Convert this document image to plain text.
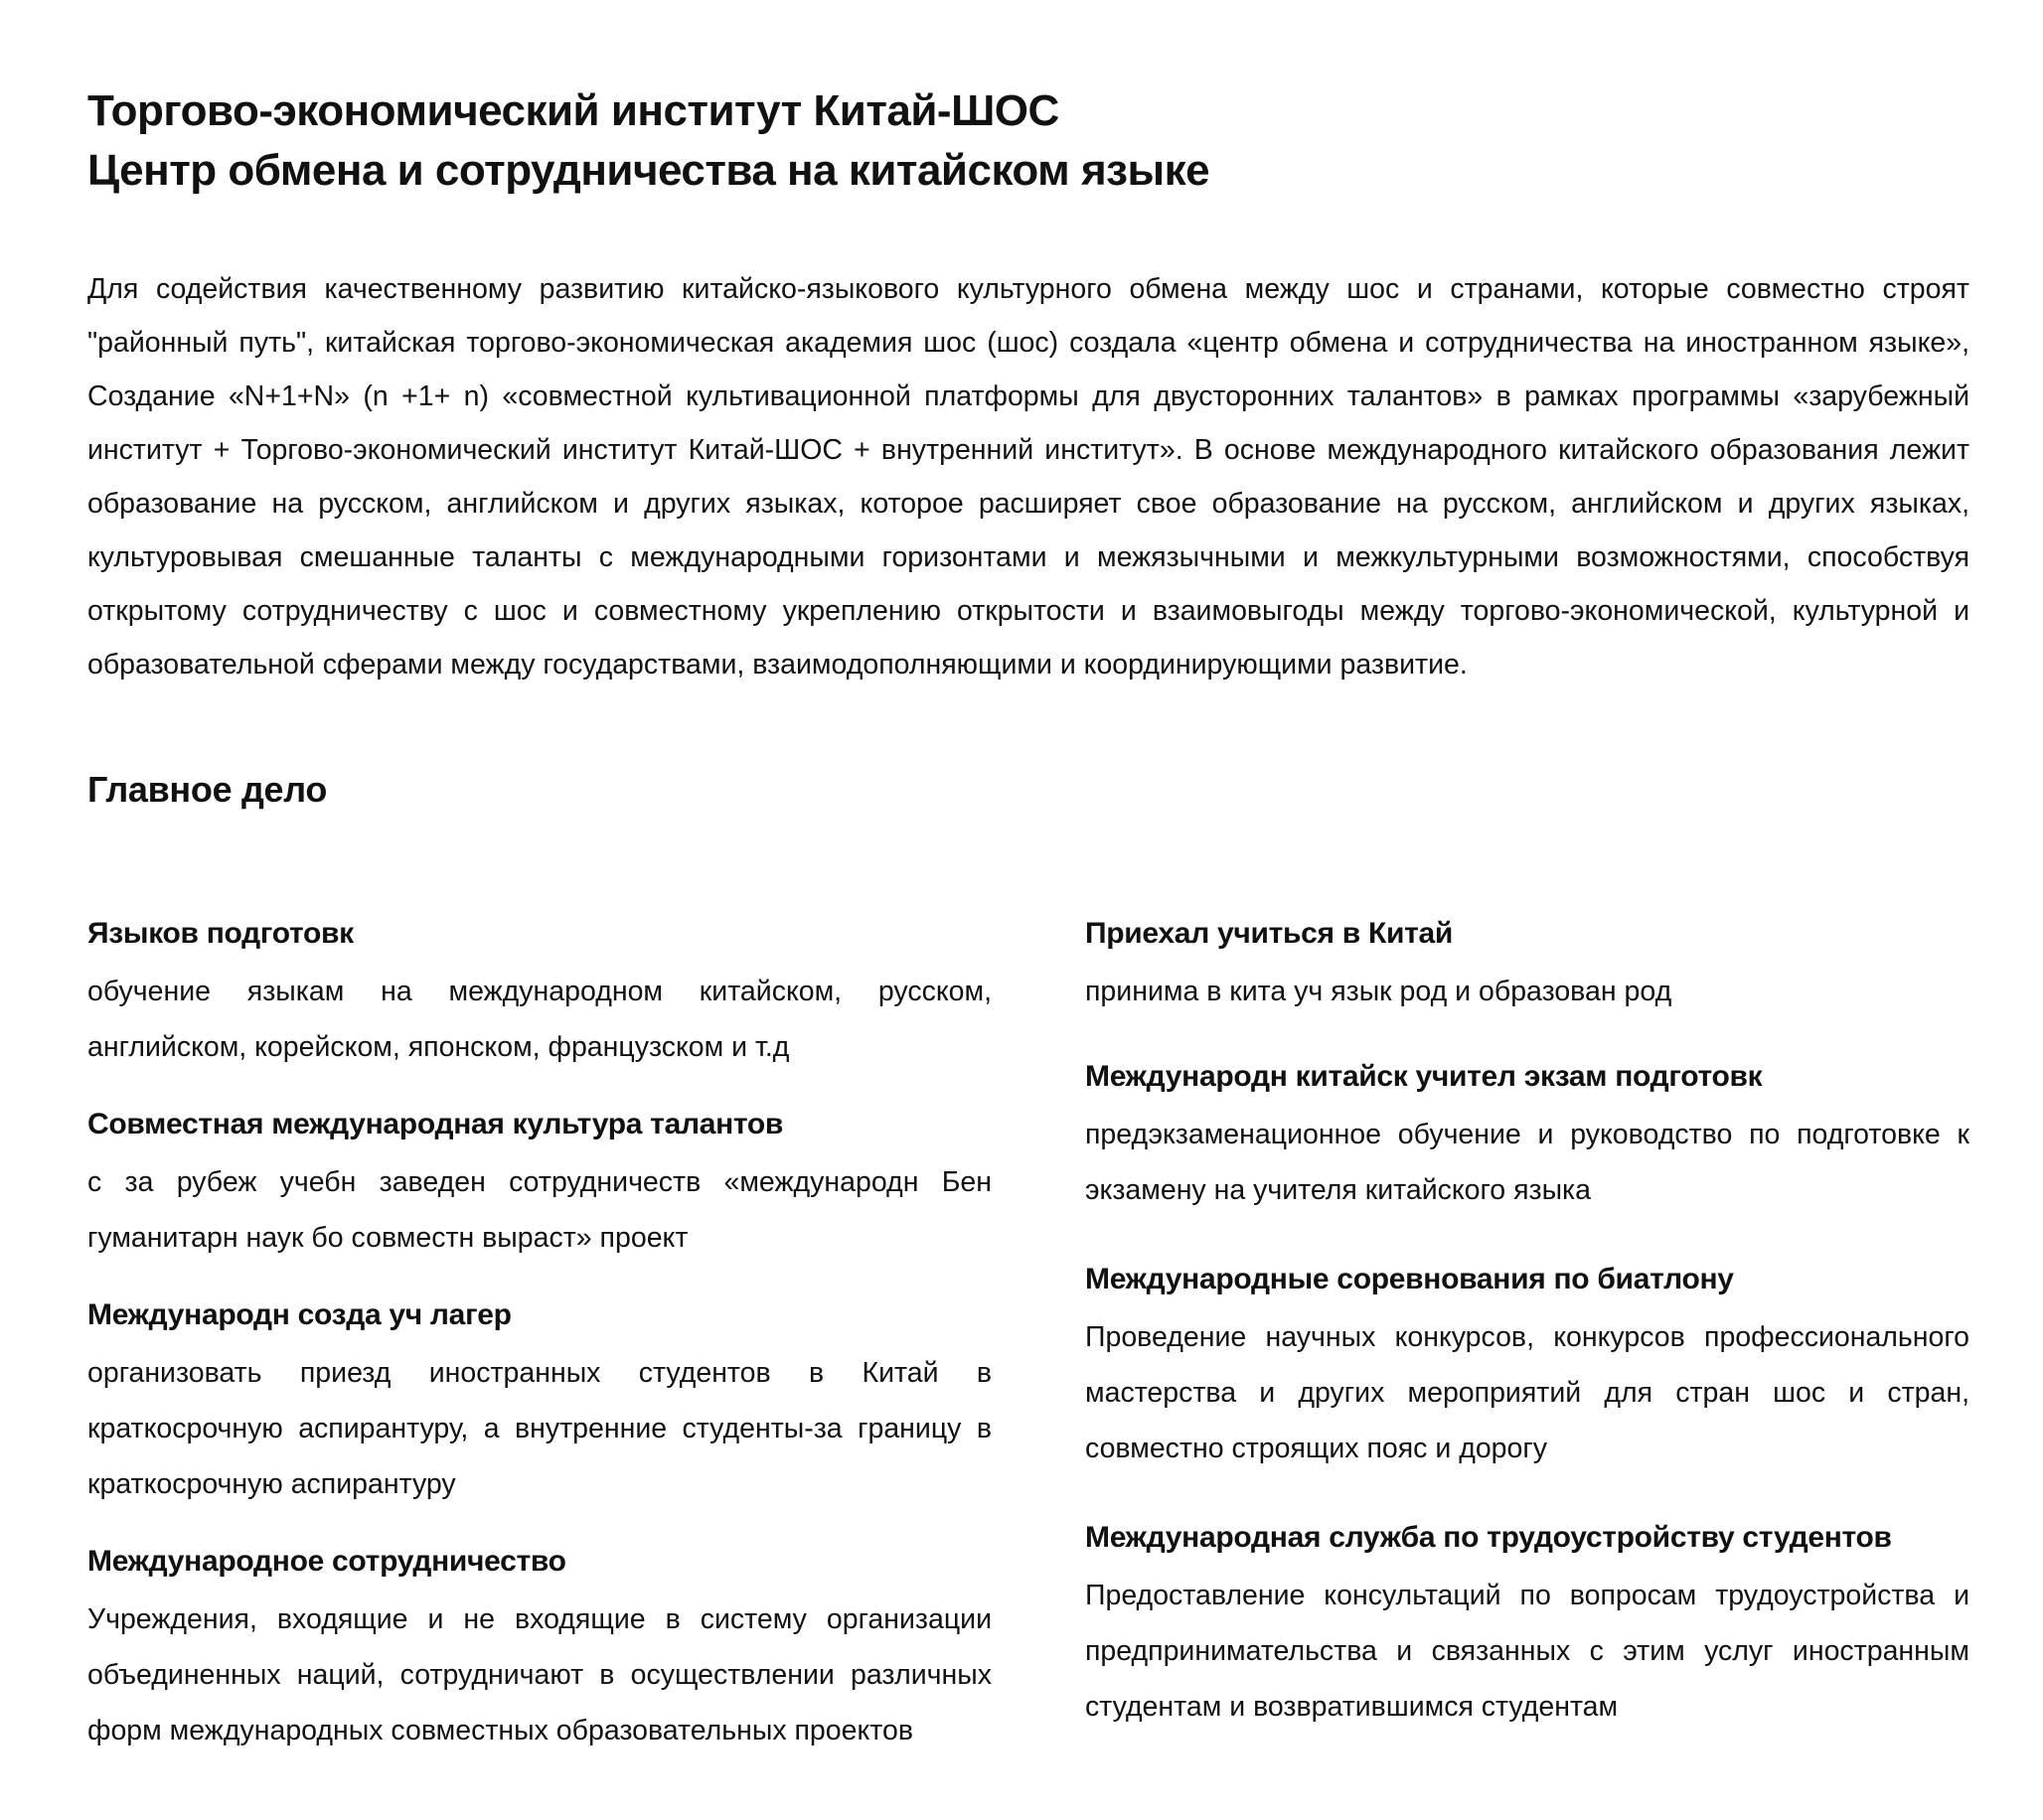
Торгово-экономический институт Китай-ШОС
Центр обмена и сотрудничества на китайском языке

Для содействия качественному развитию китайско-языкового культурного обмена между шос и странами, которые совместно строят "районный путь", китайская торгово-экономическая академия шос (шос) создала «центр обмена и сотрудничества на иностранном языке», Создание «N+1+N» (n +1+ n) «совместной культивационной платформы для двусторонних талантов» в рамках программы «зарубежный институт + Торгово-экономический институт Китай-ШОС + внутренний институт». В основе международного китайского образования лежит образование на русском, английском и других языках, которое расширяет свое образование на русском, английском и других языках, культуровывая смешанные таланты с международными горизонтами и межязычными и межкультурными возможностями, способствуя открытому сотрудничеству с шос и совместному укреплению открытости и взаимовыгоды между торгово-экономической, культурной и образовательной сферами между государствами, взаимодополняющими и координирующими развитие.

Главное дело
Языков подготовк

обучение языкам на международном китайском, русском, английском, корейском, японском, французском и т.д

Совместная международная культура талантов

с за рубеж учебн заведен сотрудничеств «международн Бен гуманитарн наук бо совместн выраст» проект

Международн созда уч лагер

организовать приезд иностранных студентов в Китай в краткосрочную аспирантуру, а внутренние студенты-за границу в краткосрочную аспирантуру

Международное сотрудничество

Учреждения, входящие и не входящие в систему организации объединенных наций, сотрудничают в осуществлении различных форм международных совместных образовательных проектов

Приехал учиться в Китай

принима в кита уч язык род и образован род

Международн китайск учител экзам подготовк

предэкзаменационное обучение и руководство по подготовке к экзамену на учителя китайского языка

Международные соревнования по биатлону

Проведение научных конкурсов, конкурсов профессионального мастерства и других мероприятий для стран шос и стран, совместно строящих пояс и дорогу

Международная служба по трудоустройству студентов

Предоставление консультаций по вопросам трудоустройства и предпринимательства и связанных с этим услуг иностранным студентам и возвратившимся студентам
